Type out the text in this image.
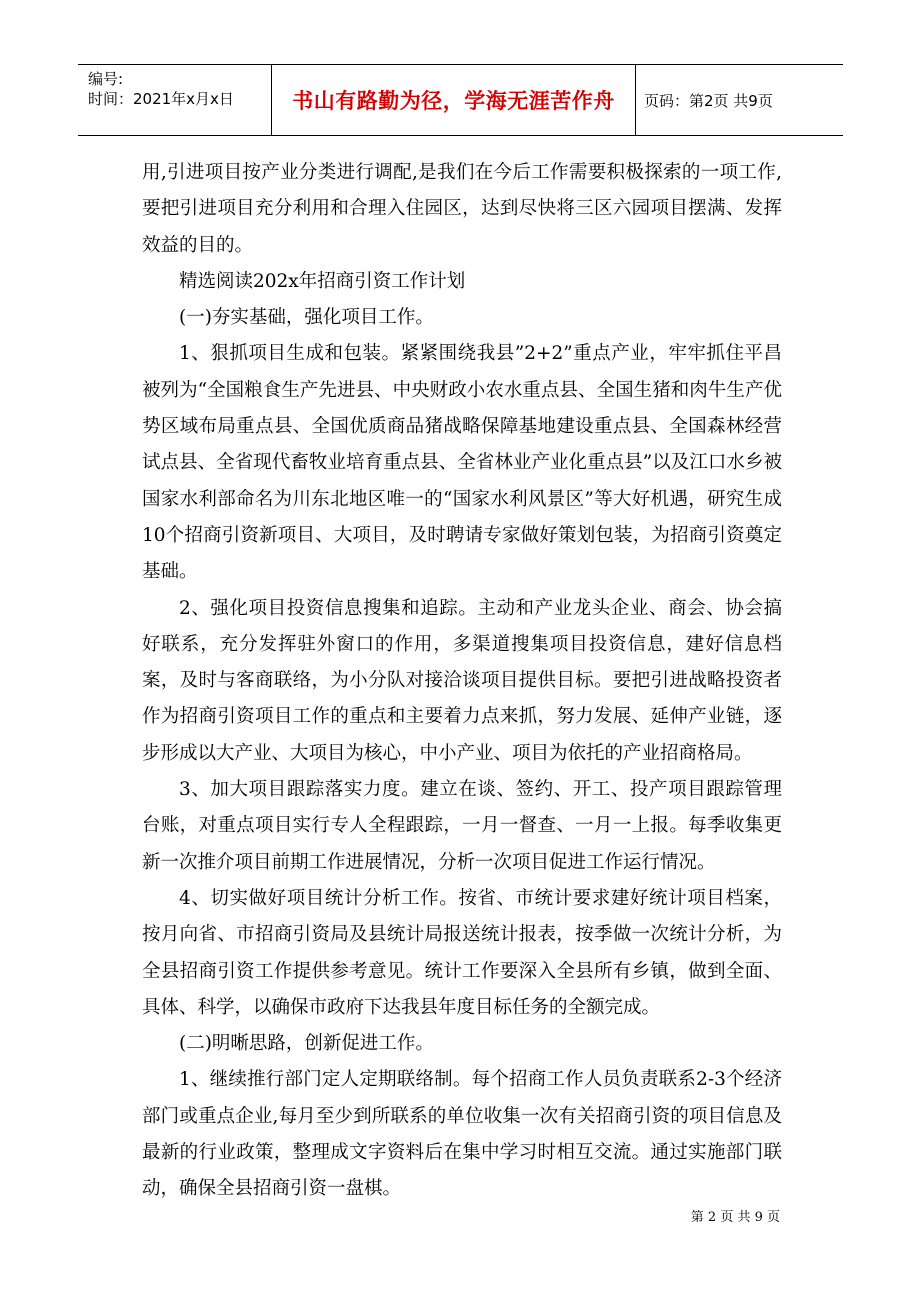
编号:
时间：2021年x月x日	书山有路勤为径，学海无涯苦作舟	页码：第2页 共9页

用,引进项目按产业分类进行调配,是我们在今后工作需要积极探索的一项工作,要把引进项目充分利用和合理入住园区，达到尽快将三区六园项目摆满、发挥效益的目的。

精选阅读202x年招商引资工作计划

(一)夯实基础，强化项目工作。

1、狠抓项目生成和包装。紧紧围绕我县”2+2”重点产业，牢牢抓住平昌被列为“全国粮食生产先进县、中央财政小农水重点县、全国生猪和肉牛生产优势区域布局重点县、全国优质商品猪战略保障基地建设重点县、全国森林经营试点县、全省现代畜牧业培育重点县、全省林业产业化重点县”以及江口水乡被国家水利部命名为川东北地区唯一的“国家水利风景区”等大好机遇，研究生成10个招商引资新项目、大项目，及时聘请专家做好策划包装，为招商引资奠定基础。

2、强化项目投资信息搜集和追踪。主动和产业龙头企业、商会、协会搞好联系，充分发挥驻外窗口的作用，多渠道搜集项目投资信息，建好信息档案，及时与客商联络，为小分队对接洽谈项目提供目标。要把引进战略投资者作为招商引资项目工作的重点和主要着力点来抓，努力发展、延伸产业链，逐步形成以大产业、大项目为核心，中小产业、项目为依托的产业招商格局。

3、加大项目跟踪落实力度。建立在谈、签约、开工、投产项目跟踪管理台账，对重点项目实行专人全程跟踪，一月一督查、一月一上报。每季收集更新一次推介项目前期工作进展情况，分析一次项目促进工作运行情况。

4、切实做好项目统计分析工作。按省、市统计要求建好统计项目档案，按月向省、市招商引资局及县统计局报送统计报表，按季做一次统计分析，为全县招商引资工作提供参考意见。统计工作要深入全县所有乡镇，做到全面、具体、科学，以确保市政府下达我县年度目标任务的全额完成。

(二)明晰思路，创新促进工作。

1、继续推行部门定人定期联络制。每个招商工作人员负责联系2-3个经济部门或重点企业,每月至少到所联系的单位收集一次有关招商引资的项目信息及最新的行业政策，整理成文字资料后在集中学习时相互交流。通过实施部门联动，确保全县招商引资一盘棋。

第 2 页 共 9 页
